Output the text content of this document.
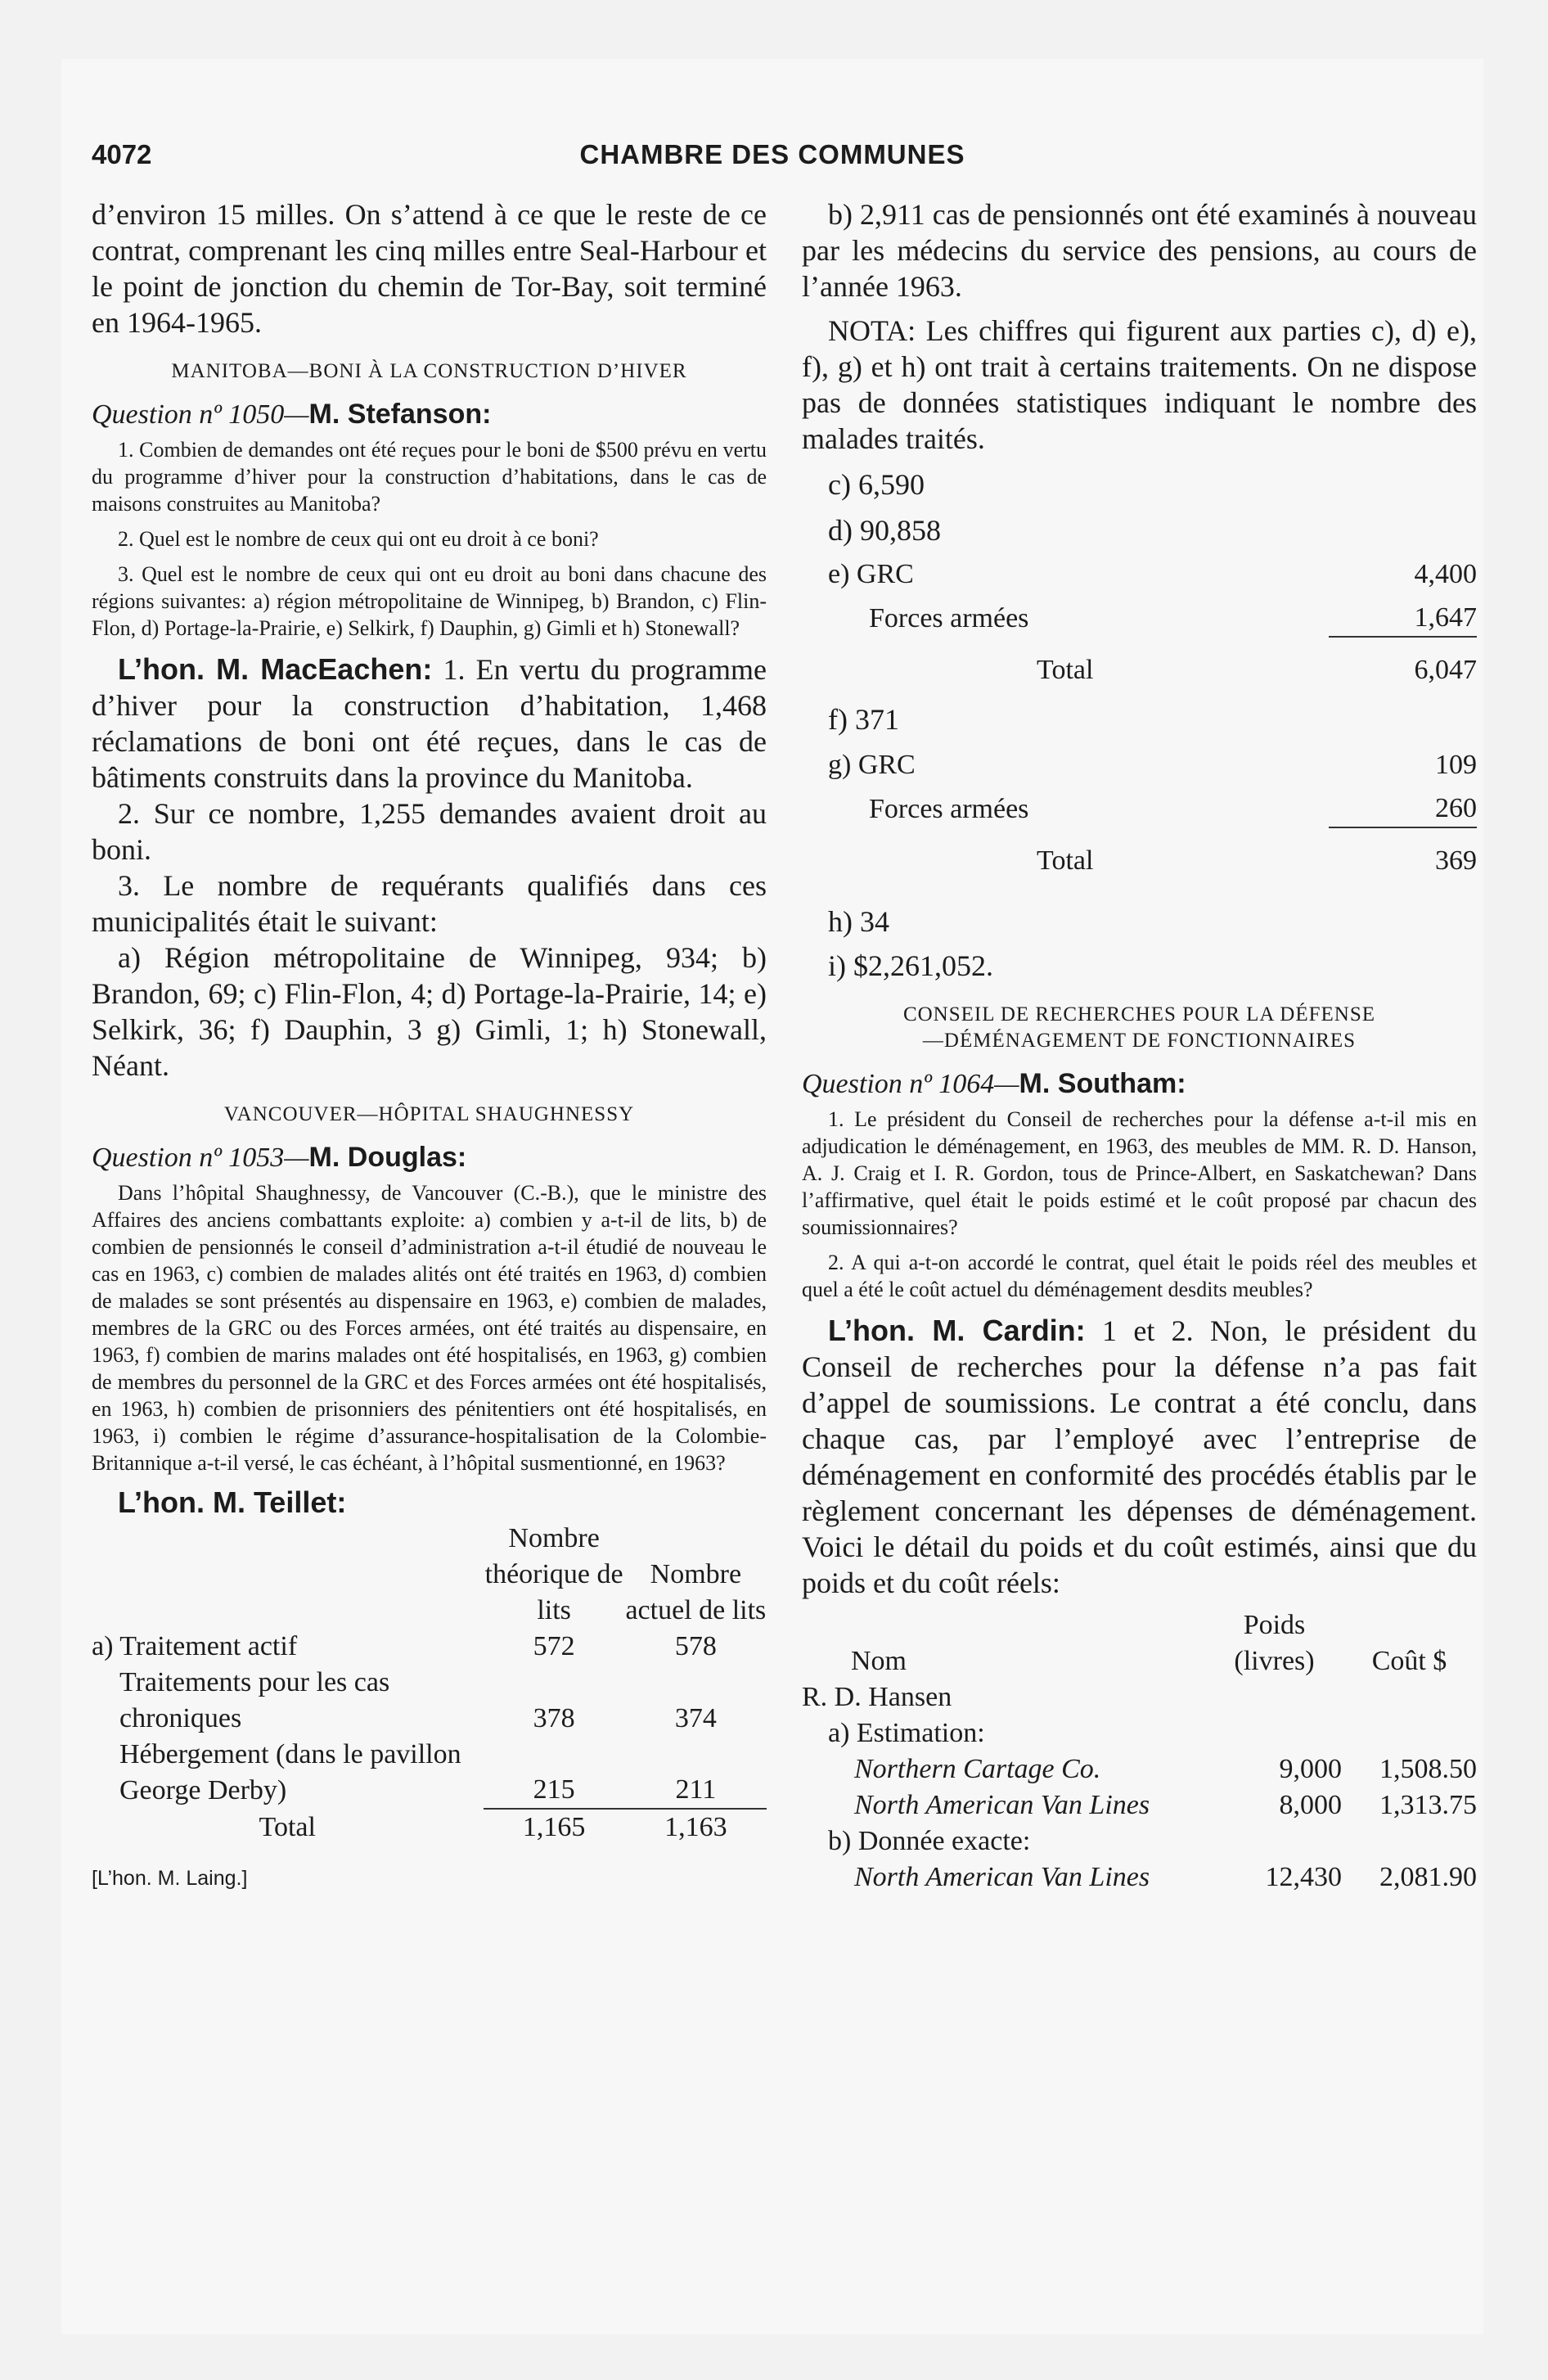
4072	CHAMBRE DES COMMUNES

d’environ 15 milles. On s’attend à ce que le reste de ce contrat, comprenant les cinq milles entre Seal-Harbour et le point de jonction du chemin de Tor-Bay, soit terminé en 1964-1965.

MANITOBA—BONI À LA CONSTRUCTION D’HIVER
Question nº 1050—M. Stefanson:

1. Combien de demandes ont été reçues pour le boni de $500 prévu en vertu du programme d’hiver pour la construction d’habitations, dans le cas de maisons construites au Manitoba?

2. Quel est le nombre de ceux qui ont eu droit à ce boni?

3. Quel est le nombre de ceux qui ont eu droit au boni dans chacune des régions suivantes: a) région métropolitaine de Winnipeg, b) Brandon, c) Flin-Flon, d) Portage-la-Prairie, e) Selkirk, f) Dauphin, g) Gimli et h) Stonewall?

L’hon. M. MacEachen: 1. En vertu du programme d’hiver pour la construction d’habitation, 1,468 réclamations de boni ont été reçues, dans le cas de bâtiments construits dans la province du Manitoba.

2. Sur ce nombre, 1,255 demandes avaient droit au boni.

3. Le nombre de requérants qualifiés dans ces municipalités était le suivant:

a) Région métropolitaine de Winnipeg, 934; b) Brandon, 69; c) Flin-Flon, 4; d) Portage-la-Prairie, 14; e) Selkirk, 36; f) Dauphin, 3 g) Gimli, 1; h) Stonewall, Néant.

VANCOUVER—HÔPITAL SHAUGHNESSY
Question nº 1053—M. Douglas:

Dans l’hôpital Shaughnessy, de Vancouver (C.-B.), que le ministre des Affaires des anciens combattants exploite: a) combien y a-t-il de lits, b) de combien de pensionnés le conseil d’administration a-t-il étudié de nouveau le cas en 1963, c) combien de malades alités ont été traités en 1963, d) combien de malades se sont présentés au dispensaire en 1963, e) combien de malades, membres de la GRC ou des Forces armées, ont été traités au dispensaire, en 1963, f) combien de marins malades ont été hospitalisés, en 1963, g) combien de membres du personnel de la GRC et des Forces armées ont été hospitalisés, en 1963, h) combien de prisonniers des pénitentiers ont été hospitalisés, en 1963, i) combien le régime d’assurance-hospitalisation de la Colombie-Britannique a-t-il versé, le cas échéant, à l’hôpital susmentionné, en 1963?

L’hon. M. Teillet:

	Nombre théorique de lits	Nombre actuel de lits
a) Traitement actif	572	578
Traitements pour les cas chroniques	378	374
Hébergement (dans le pavillon George Derby)	215	211
Total	1,165	1,163
[L’hon. M. Laing.]

b) 2,911 cas de pensionnés ont été examinés à nouveau par les médecins du service des pensions, au cours de l’année 1963.

NOTA: Les chiffres qui figurent aux parties c), d) e), f), g) et h) ont trait à certains traitements. On ne dispose pas de données statistiques indiquant le nombre des malades traités.

c) 6,590

d) 90,858

e) GRC	4,400
Forces armées	1,647
Total	6,047

f) 371

g) GRC	109
Forces armées	260
Total	369

h) 34

i) $2,261,052.

CONSEIL DE RECHERCHES POUR LA DÉFENSE
—DÉMÉNAGEMENT DE FONCTIONNAIRES
Question nº 1064—M. Southam:

1. Le président du Conseil de recherches pour la défense a-t-il mis en adjudication le déménagement, en 1963, des meubles de MM. R. D. Hanson, A. J. Craig et I. R. Gordon, tous de Prince-Albert, en Saskatchewan? Dans l’affirmative, quel était le poids estimé et le coût proposé par chacun des soumissionnaires?

2. A qui a-t-on accordé le contrat, quel était le poids réel des meubles et quel a été le coût actuel du déménagement desdits meubles?

L’hon. M. Cardin: 1 et 2. Non, le président du Conseil de recherches pour la défense n’a pas fait d’appel de soumissions. Le contrat a été conclu, dans chaque cas, par l’employé avec l’entreprise de déménagement en conformité des procédés établis par le règlement concernant les dépenses de déménagement. Voici le détail du poids et du coût estimés, ainsi que du poids et du coût réels:

Nom	Poids (livres)	Coût $
R. D. Hansen		
a) Estimation:		
Northern Cartage Co.	9,000	1,508.50
North American Van Lines	8,000	1,313.75
b) Donnée exacte:		
North American Van Lines	12,430	2,081.90
